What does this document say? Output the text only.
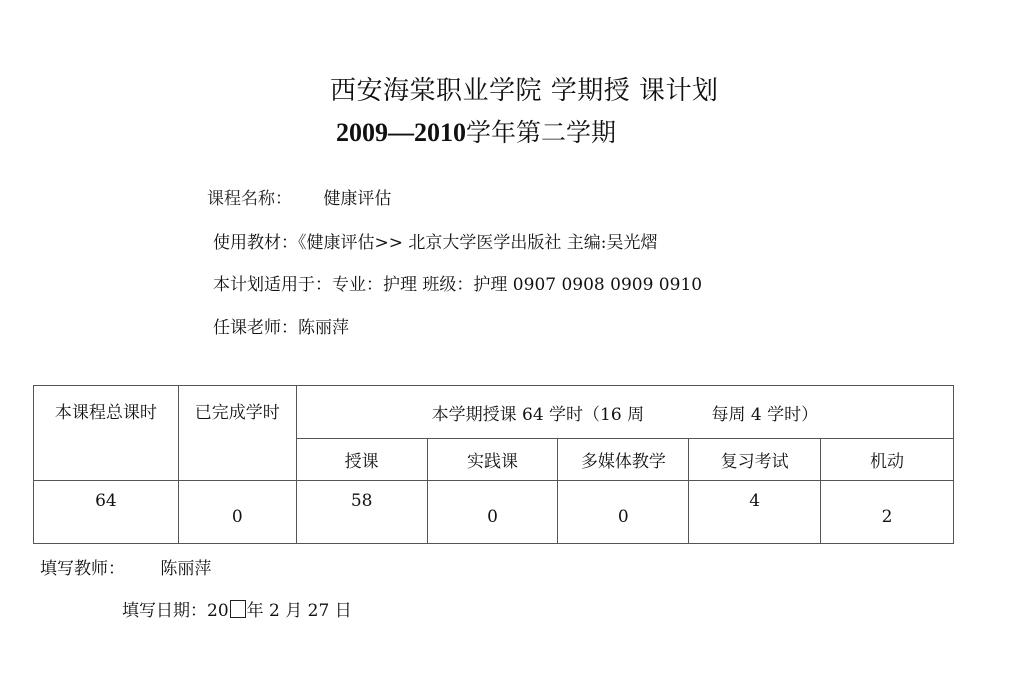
西安海棠职业学院 学期授 课计划
2009—2010学年第二学期
课程名称： 健康评估
使用教材：《健康评估>> 北京大学医学出版社 主编:吴光熠
本计划适用于：专业：护理 班级：护理 0907 0908 0909 0910
任课老师：陈丽萍
本课程总课时	已完成学时	本学期授课 64 学时（16 周 每周 4 学时）				
		授课	实践课	多媒体教学	复习考试	机动
64	0	58	0	0	4	2
填写教师： 陈丽萍
填写日期：20 年 2 月 27 日
